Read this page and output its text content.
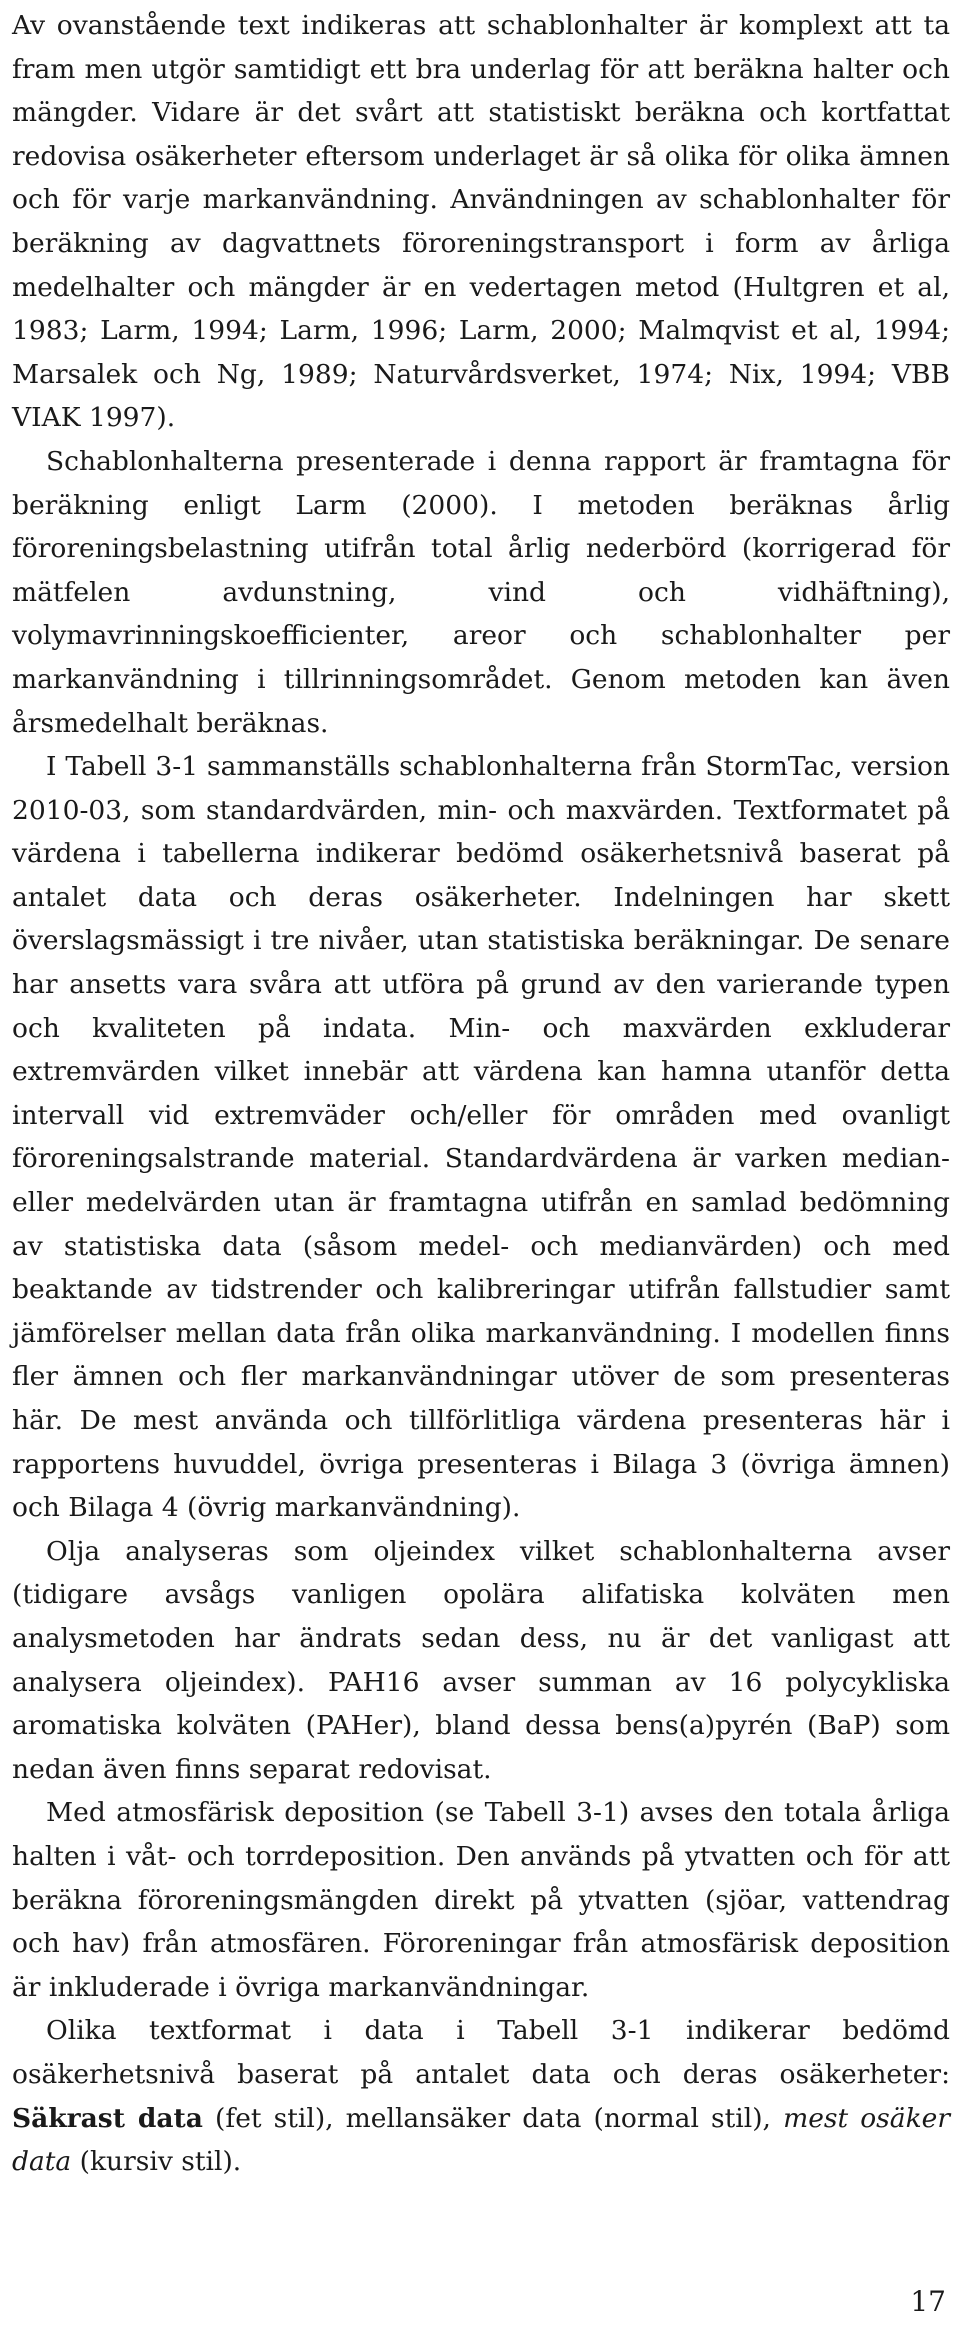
Av ovanstående text indikeras att schablonhalter är komplext att ta fram men utgör samtidigt ett bra underlag för att beräkna halter och mängder. Vidare är det svårt att statistiskt beräkna och kortfattat redovisa osäkerheter eftersom underlaget är så olika för olika ämnen och för varje markanvändning. Användningen av schablonhalter för beräkning av dagvattnets föroreningstransport i form av årliga medelhalter och mängder är en vedertagen metod (Hultgren et al, 1983; Larm, 1994; Larm, 1996; Larm, 2000; Malmqvist et al, 1994; Marsalek och Ng, 1989; Naturvårdsverket, 1974; Nix, 1994; VBB VIAK 1997).

Schablonhalterna presenterade i denna rapport är framtagna för beräkning enligt Larm (2000). I metoden beräknas årlig föroreningsbelastning utifrån total årlig nederbörd (korrigerad för mätfelen avdunstning, vind och vidhäftning), volymavrinningskoefficienter, areor och schablonhalter per markanvändning i tillrinningsområdet. Genom metoden kan även årsmedelhalt beräknas.

I Tabell 3-1 sammanställs schablonhalterna från StormTac, version 2010-03, som standardvärden, min- och maxvärden. Textformatet på värdena i tabellerna indikerar bedömd osäkerhetsnivå baserat på antalet data och deras osäkerheter. Indelningen har skett överslagsmässigt i tre nivåer, utan statistiska beräkningar. De senare har ansetts vara svåra att utföra på grund av den varierande typen och kvaliteten på indata. Min- och maxvärden exkluderar extremvärden vilket innebär att värdena kan hamna utanför detta intervall vid extremväder och/eller för områden med ovanligt föroreningsalstrande material. Standardvärdena är varken median- eller medelvärden utan är framtagna utifrån en samlad bedömning av statistiska data (såsom medel- och medianvärden) och med beaktande av tidstrender och kalibreringar utifrån fallstudier samt jämförelser mellan data från olika markanvändning. I modellen finns fler ämnen och fler markanvändningar utöver de som presenteras här. De mest använda och tillförlitliga värdena presenteras här i rapportens huvuddel, övriga presenteras i Bilaga 3 (övriga ämnen) och Bilaga 4 (övrig markanvändning).

Olja analyseras som oljeindex vilket schablonhalterna avser (tidigare avsågs vanligen opolära alifatiska kolväten men analysmetoden har ändrats sedan dess, nu är det vanligast att analysera oljeindex). PAH16 avser summan av 16 polycykliska aromatiska kolväten (PAHer), bland dessa bens(a)pyrén (BaP) som nedan även finns separat redovisat.

Med atmosfärisk deposition (se Tabell 3-1) avses den totala årliga halten i våt- och torrdeposition. Den används på ytvatten och för att beräkna föroreningsmängden direkt på ytvatten (sjöar, vattendrag och hav) från atmosfären. Föroreningar från atmosfärisk deposition är inkluderade i övriga markanvändningar.

Olika textformat i data i Tabell 3-1 indikerar bedömd osäkerhetsnivå baserat på antalet data och deras osäkerheter: Säkrast data (fet stil), mellansäker data (normal stil), mest osäker data (kursiv stil).

17
